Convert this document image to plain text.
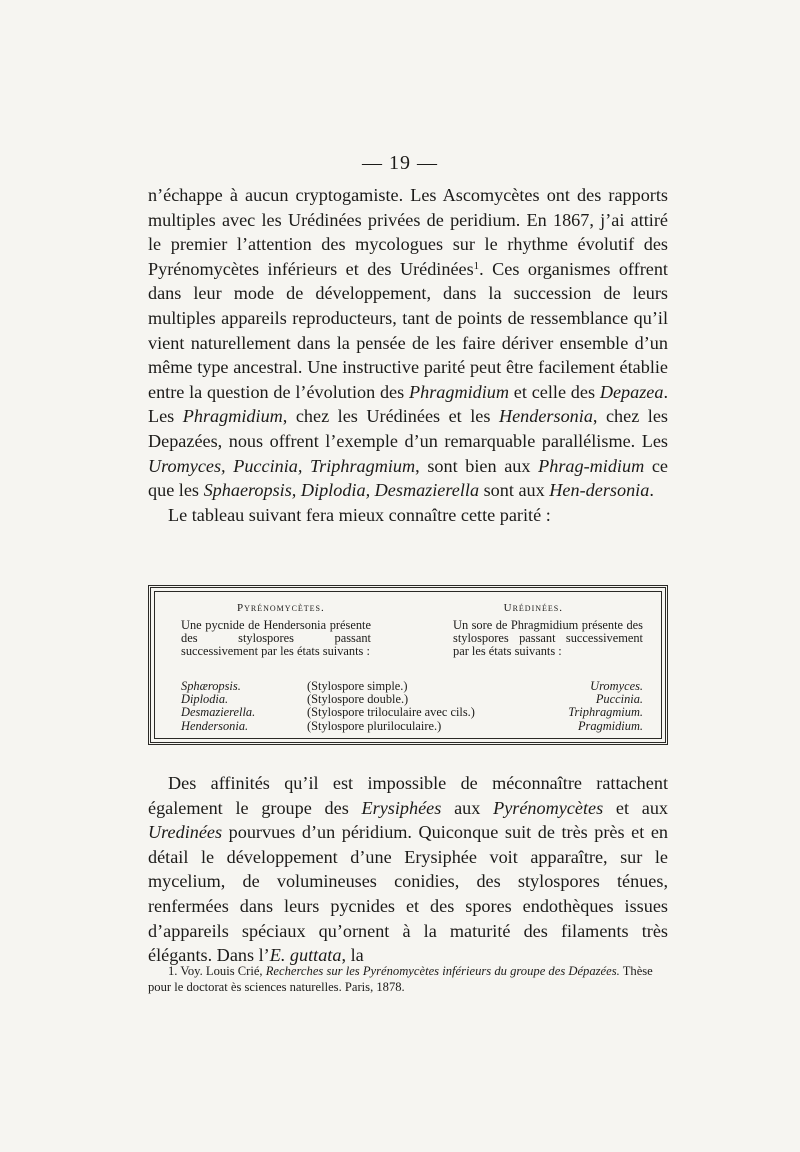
— 19 —

n’échappe à aucun cryptogamiste. Les Ascomycètes ont des rapports multiples avec les Urédinées privées de peridium. En 1867, j’ai attiré le premier l’attention des mycologues sur le rhythme évolutif des Pyrénomycètes inférieurs et des Urédinées$^1$. Ces organismes offrent dans leur mode de développement, dans la succession de leurs multiples appareils reproducteurs, tant de points de ressemblance qu’il vient naturellement dans la pensée de les faire dériver ensemble d’un même type ancestral. Une instructive parité peut être facilement établie entre la question de l’évolution des Phragmidium et celle des Depazea. Les Phragmidium, chez les Urédinées et les Hendersonia, chez les Depazées, nous offrent l’exemple d’un remarquable parallélisme. Les Uromyces, Puccinia, Triphragmium, sont bien aux Phrag-midium ce que les Sphaeropsis, Diplodia, Desmazierella sont aux Hen-dersonia.

Le tableau suivant fera mieux connaître cette parité :

Pyrénomycètes.	Urédinées.
Une pycnide de Hendersonia présente des stylospores passant successivement par les états suivants :
Un sore de Phragmidium présente des stylospores passant successivement par les états suivants :
Sphæropsis.	(Stylospore simple.)	Uromyces.
Diplodia.	(Stylospore double.)	Puccinia.
Desmazierella.	(Stylospore triloculaire avec cils.)	Triphragmium.
Hendersonia.	(Stylospore pluriloculaire.)	Pragmidium.

Des affinités qu’il est impossible de méconnaître rattachent également le groupe des Erysiphées aux Pyrénomycètes et aux Uredinées pourvues d’un péridium. Quiconque suit de très près et en détail le développement d’une Erysiphée voit apparaître, sur le mycelium, de volumineuses conidies, des stylospores ténues, renfermées dans leurs pycnides et des spores endothèques issues d’appareils spéciaux qu’ornent à la maturité des filaments très élégants. Dans l’E. guttata, la

1. Voy. Louis Crié, Recherches sur les Pyrénomycètes inférieurs du groupe des Dépazées. Thèse pour le doctorat ès sciences naturelles. Paris, 1878.
